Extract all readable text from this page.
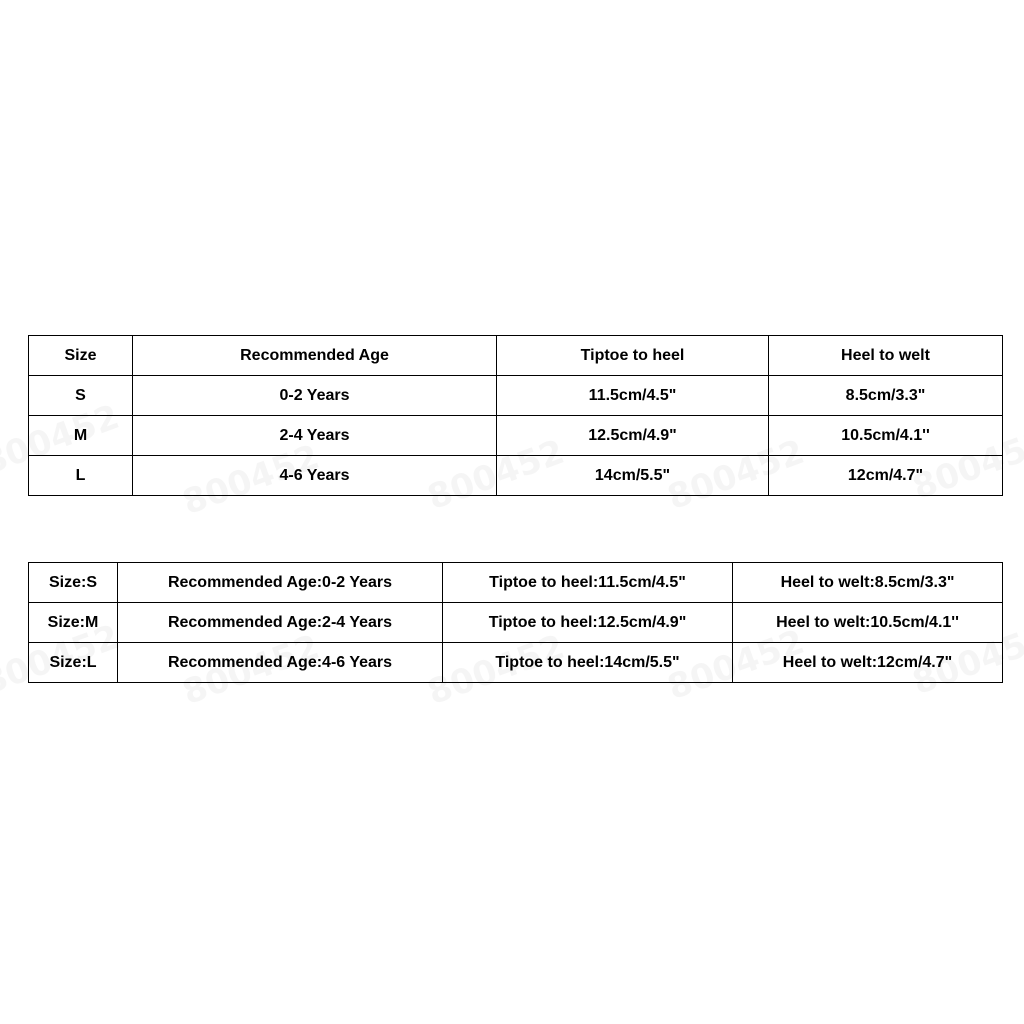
Size	Recommended Age	Tiptoe to heel	Heel to welt
S	0-2 Years	11.5cm/4.5"	8.5cm/3.3"
M	2-4 Years	12.5cm/4.9"	10.5cm/4.1''
L	4-6 Years	14cm/5.5"	12cm/4.7"
Size:S	Recommended Age:0-2 Years	Tiptoe to heel:11.5cm/4.5"	Heel to welt:8.5cm/3.3"
Size:M	Recommended Age:2-4 Years	Tiptoe to heel:12.5cm/4.9"	Heel to welt:10.5cm/4.1''
Size:L	Recommended Age:4-6 Years	Tiptoe to heel:14cm/5.5"	Heel to welt:12cm/4.7"
